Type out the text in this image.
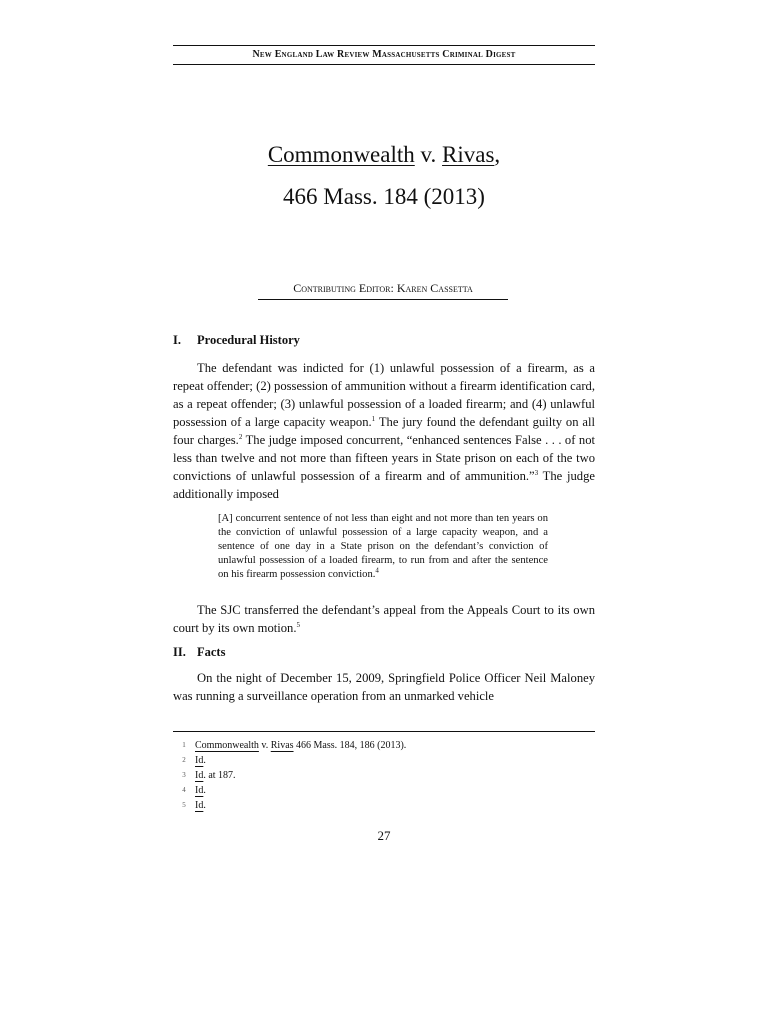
New England Law Review Massachusetts Criminal Digest
Commonwealth v. Rivas,
466 Mass. 184 (2013)
Contributing Editor: Karen Cassetta
I. Procedural History

The defendant was indicted for (1) unlawful possession of a firearm, as a repeat offender; (2) possession of ammunition without a firearm identification card, as a repeat offender; (3) unlawful possession of a loaded firearm; and (4) unlawful possession of a large capacity weapon.$^1$ The jury found the defendant guilty on all four charges.$^2$ The judge imposed concurrent, “enhanced sentences False . . . of not less than twelve and not more than fifteen years in State prison on each of the two convictions of unlawful possession of a firearm and of ammunition.”$^3$ The judge additionally imposed

[A] concurrent sentence of not less than eight and not more than ten years on the conviction of unlawful possession of a large capacity weapon, and a sentence of one day in a State prison on the defendant’s conviction of unlawful possession of a loaded firearm, to run from and after the sentence on his firearm possession conviction.$^4$

The SJC transferred the defendant’s appeal from the Appeals Court to its own court by its own motion.$^5$

II. Facts

On the night of December 15, 2009, Springfield Police Officer Neil Maloney was running a surveillance operation from an unmarked vehicle

1 Commonwealth v. Rivas 466 Mass. 184, 186 (2013).
2 Id.
3 Id. at 187.
4 Id.
5 Id.
27
